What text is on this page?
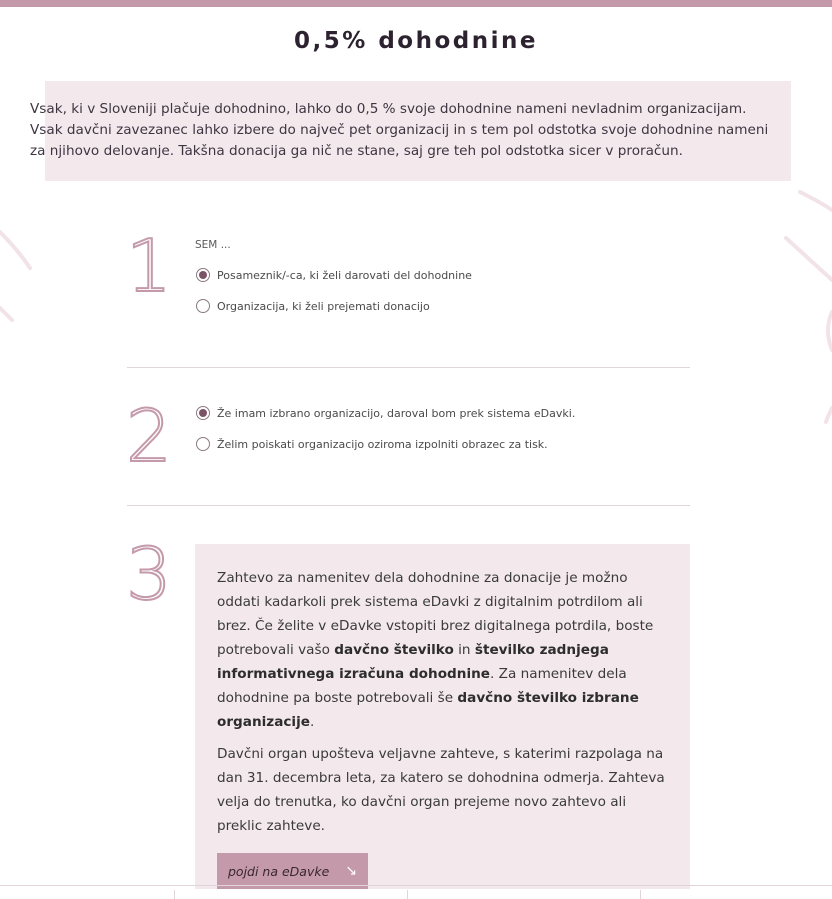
0,5% dohodnine

Vsak, ki v Sloveniji plačuje dohodnino, lahko do 0,5 % svoje dohodnine nameni nevladnim organizacijam. Vsak davčni zavezanec lahko izbere do največ pet organizacij in s tem pol odstotka svoje dohodnine nameni za njihovo delovanje. Takšna donacija ga nič ne stane, saj gre teh pol odstotka sicer v proračun.

1 SEM ...
Posameznik/-ca, ki želi darovati del dohodnine
Organizacija, ki želi prejemati donacijo
2	Že imam izbrano organizacijo, daroval bom prek sistema eDavki.
Želim poiskati organizacijo oziroma izpolniti obrazec za tisk.
3	Zahtevo za namenitev dela dohodnine za donacije je možno oddati kadarkoli prek sistema eDavki z digitalnim potrdilom ali brez. Če želite v eDavke vstopiti brez digitalnega potrdila, boste potrebovali vašo davčno številko in številko zadnjega informativnega izračuna dohodnine. Za namenitev dela dohodnine pa boste potrebovali še davčno številko izbrane organizacije.

Davčni organ upošteva veljavne zahteve, s katerimi razpolaga na dan 31. decembra leta, za katero se dohodnina odmerja. Zahteva velja do trenutka, ko davčni organ prejeme novo zahtevo ali preklic zahteve.

pojdi na eDavke ↘
